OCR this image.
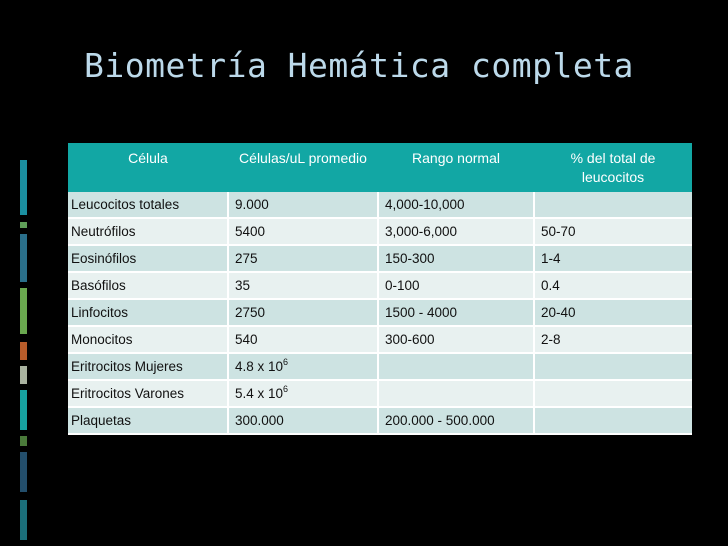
Biometría Hemática completa
Célula	Células/uL promedio	Rango normal	% del total de leucocitos
Leucocitos totales	9.000	4,000-10,000	
Neutrófilos	5400	3,000-6,000	50-70
Eosinófilos	275	150-300	1-4
Basófilos	35	0-100	0.4
Linfocitos	2750	1500 - 4000	20-40
Monocitos	540	300-600	2-8
Eritrocitos Mujeres	4.8 x $10^6$		
Eritrocitos Varones	5.4 x $10^6$		
Plaquetas	300.000	200.000 - 500.000	
